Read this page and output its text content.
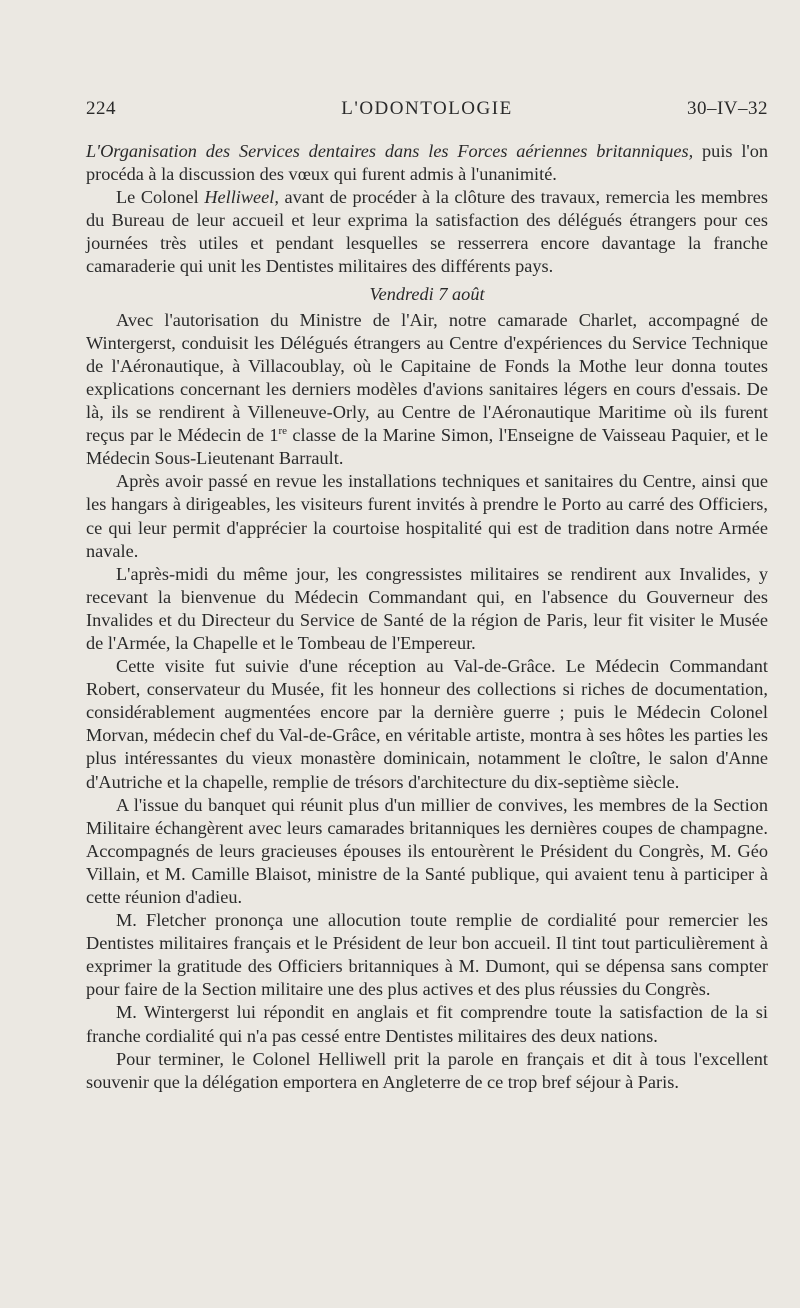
224	L'ODONTOLOGIE	30–IV–32

L'Organisation des Services dentaires dans les Forces aériennes britanniques, puis l'on procéda à la discussion des vœux qui furent admis à l'unanimité.

Le Colonel Helliweel, avant de procéder à la clôture des travaux, remercia les membres du Bureau de leur accueil et leur exprima la satisfaction des délégués étrangers pour ces journées très utiles et pendant lesquelles se resserrera encore davantage la franche camaraderie qui unit les Dentistes militaires des différents pays.

Vendredi 7 août

Avec l'autorisation du Ministre de l'Air, notre camarade Charlet, accompagné de Wintergerst, conduisit les Délégués étrangers au Centre d'expériences du Service Technique de l'Aéronautique, à Villacoublay, où le Capitaine de Fonds la Mothe leur donna toutes explications concernant les derniers modèles d'avions sanitaires légers en cours d'essais. De là, ils se rendirent à Villeneuve-Orly, au Centre de l'Aéronautique Maritime où ils furent reçus par le Médecin de 1re classe de la Marine Simon, l'Enseigne de Vaisseau Paquier, et le Médecin Sous-Lieutenant Barrault.

Après avoir passé en revue les installations techniques et sanitaires du Centre, ainsi que les hangars à dirigeables, les visiteurs furent invités à prendre le Porto au carré des Officiers, ce qui leur permit d'apprécier la courtoise hospitalité qui est de tradition dans notre Armée navale.

L'après-midi du même jour, les congressistes militaires se rendirent aux Invalides, y recevant la bienvenue du Médecin Commandant qui, en l'absence du Gouverneur des Invalides et du Directeur du Service de Santé de la région de Paris, leur fit visiter le Musée de l'Armée, la Chapelle et le Tombeau de l'Empereur.

Cette visite fut suivie d'une réception au Val-de-Grâce. Le Médecin Commandant Robert, conservateur du Musée, fit les honneur des collections si riches de documentation, considérablement augmentées encore par la dernière guerre ; puis le Médecin Colonel Morvan, médecin chef du Val-de-Grâce, en véritable artiste, montra à ses hôtes les parties les plus intéressantes du vieux monastère dominicain, notamment le cloître, le salon d'Anne d'Autriche et la chapelle, remplie de trésors d'architecture du dix-septième siècle.

A l'issue du banquet qui réunit plus d'un millier de convives, les membres de la Section Militaire échangèrent avec leurs camarades britanniques les dernières coupes de champagne. Accompagnés de leurs gracieuses épouses ils entourèrent le Président du Congrès, M. Géo Villain, et M. Camille Blaisot, ministre de la Santé publique, qui avaient tenu à participer à cette réunion d'adieu.

M. Fletcher prononça une allocution toute remplie de cordialité pour remercier les Dentistes militaires français et le Président de leur bon accueil. Il tint tout particulièrement à exprimer la gratitude des Officiers britanniques à M. Dumont, qui se dépensa sans compter pour faire de la Section militaire une des plus actives et des plus réussies du Congrès.

M. Wintergerst lui répondit en anglais et fit comprendre toute la satisfaction de la si franche cordialité qui n'a pas cessé entre Dentistes militaires des deux nations.

Pour terminer, le Colonel Helliwell prit la parole en français et dit à tous l'excellent souvenir que la délégation emportera en Angleterre de ce trop bref séjour à Paris.
